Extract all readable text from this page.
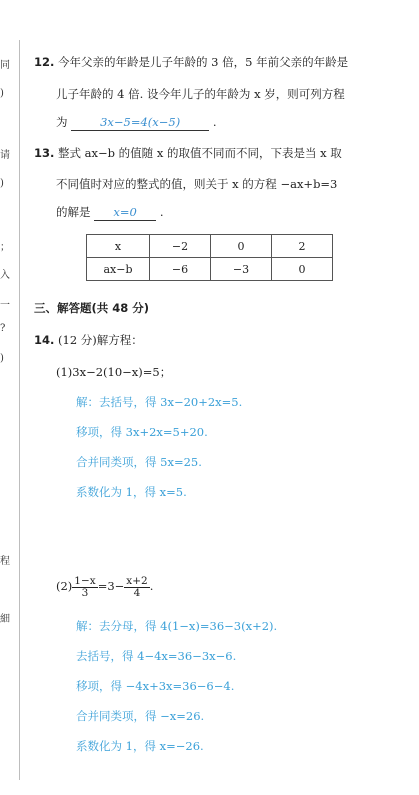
同
)
请
)
；
入
一
?
)
程
細
12. 今年父亲的年龄是儿子年龄的 3 倍，5 年前父亲的年龄是
儿子年龄的 4 倍. 设今年儿子的年龄为 x 岁，则可列方程
为	3x−5=4(x−5)	.
13. 整式 ax−b 的值随 x 的取值不同而不同，下表是当 x 取
不同值时对应的整式的值，则关于 x 的方程 −ax+b=3
的解是 x=0 .
x	−2	0	2
ax−b	−6	−3	0
三、解答题(共 48 分)
14. (12 分)解方程：
(1)3x−2(10−x)=5；
解：去括号，得 3x−20+2x=5.
移项，得 3x+2x=5+20.
合并同类项，得 5x=25.
系数化为 1，得 x=5.
$(2) \frac{1-x}{3} =3- \frac{x+2}{4}$ .
解：去分母，得 4(1−x)=36−3(x+2).
去括号，得 4−4x=36−3x−6.
移项，得 −4x+3x=36−6−4.
合并同类项，得 −x=26.
系数化为 1，得 x=−26.
